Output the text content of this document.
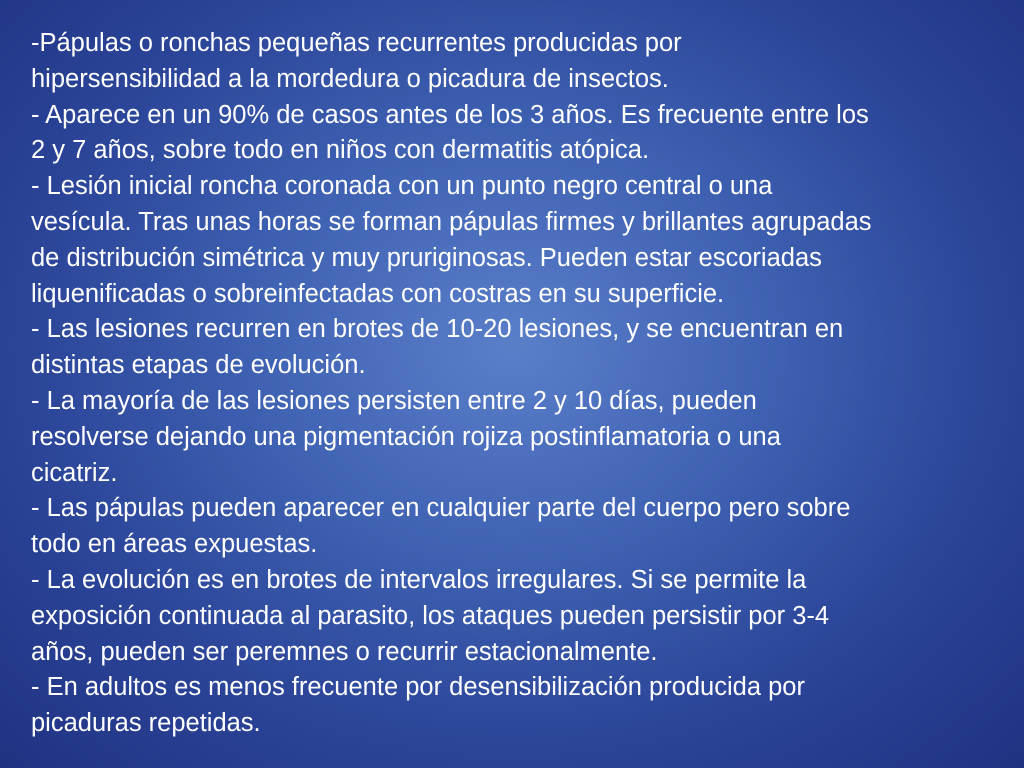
-Pápulas o ronchas pequeñas recurrentes producidas por
hipersensibilidad a la mordedura o picadura de insectos.
- Aparece en un 90% de casos antes de los 3 años. Es frecuente entre los
2 y 7 años, sobre todo en niños con dermatitis atópica.
- Lesión inicial roncha coronada con un punto negro central o una
vesícula. Tras unas horas se forman pápulas firmes y brillantes agrupadas
de distribución simétrica y muy pruriginosas. Pueden estar escoriadas
liquenificadas o sobreinfectadas con costras en su superficie.
- Las lesiones recurren en brotes de 10-20 lesiones, y se encuentran en
distintas etapas de evolución.
- La mayoría de las lesiones persisten entre 2 y 10 días, pueden
resolverse dejando una pigmentación rojiza postinflamatoria o una
cicatriz.
- Las pápulas pueden aparecer en cualquier parte del cuerpo pero sobre
todo en áreas expuestas.
- La evolución es en brotes de intervalos irregulares. Si se permite la
exposición continuada al parasito, los ataques pueden persistir por 3-4
años, pueden ser peremnes o recurrir estacionalmente.
- En adultos es menos frecuente por desensibilización producida por
picaduras repetidas.
